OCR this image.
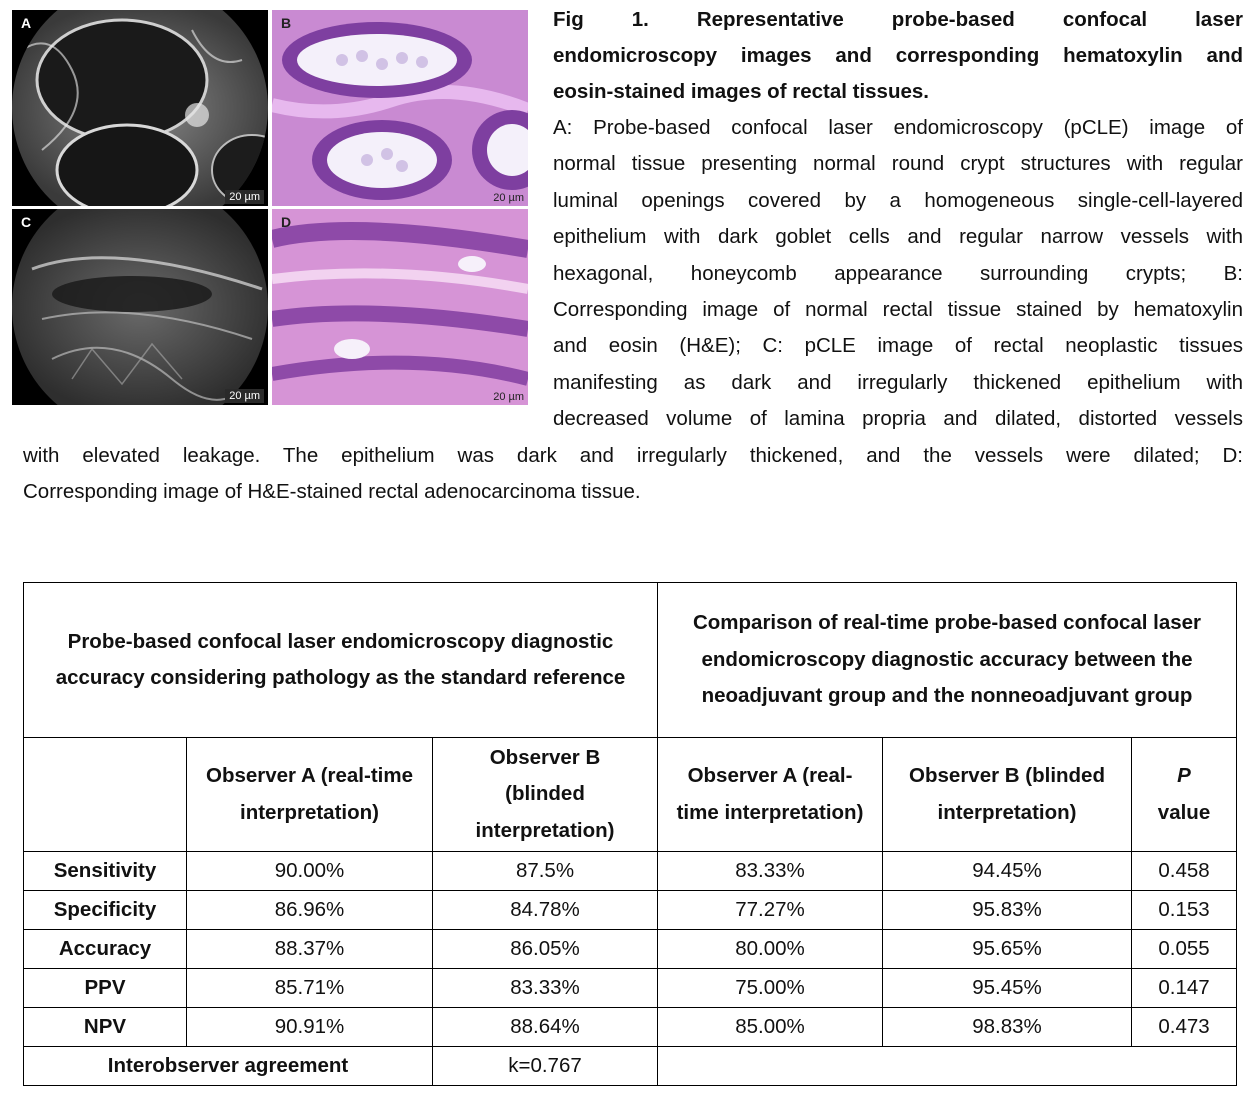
A
20 µm
B
20 µm
C
20 µm
D
20 µm
Fig 1. Representative probe-based confocal laser
endomicroscopy images and corresponding hematoxylin and
eosin-stained images of rectal tissues.
A: Probe-based confocal laser endomicroscopy (pCLE) image of
normal tissue presenting normal round crypt structures with regular
luminal openings covered by a homogeneous single-cell-layered
epithelium with dark goblet cells and regular narrow vessels with
hexagonal, honeycomb appearance surrounding crypts; B:
Corresponding image of normal rectal tissue stained by hematoxylin
and eosin (H&E); C: pCLE image of rectal neoplastic tissues
manifesting as dark and irregularly thickened epithelium with
decreased volume of lamina propria and dilated, distorted vessels
with elevated leakage. The epithelium was dark and irregularly thickened, and the vessels were dilated; D:
Corresponding image of H&E-stained rectal adenocarcinoma tissue.
Probe-based confocal laser endomicroscopy diagnostic accuracy considering pathology as the standard reference			Comparison of real-time probe-based confocal laser endomicroscopy diagnostic accuracy between the neoadjuvant group and the nonneoadjuvant group		
	Observer A (real-time interpretation)	Observer B (blinded interpretation)	Observer A (real-time interpretation)	Observer B (blinded interpretation)	P
value
Sensitivity	90.00%	87.5%	83.33%	94.45%	0.458
Specificity	86.96%	84.78%	77.27%	95.83%	0.153
Accuracy	88.37%	86.05%	80.00%	95.65%	0.055
PPV	85.71%	83.33%	75.00%	95.45%	0.147
NPV	90.91%	88.64%	85.00%	98.83%	0.473
Interobserver agreement		k=0.767			
